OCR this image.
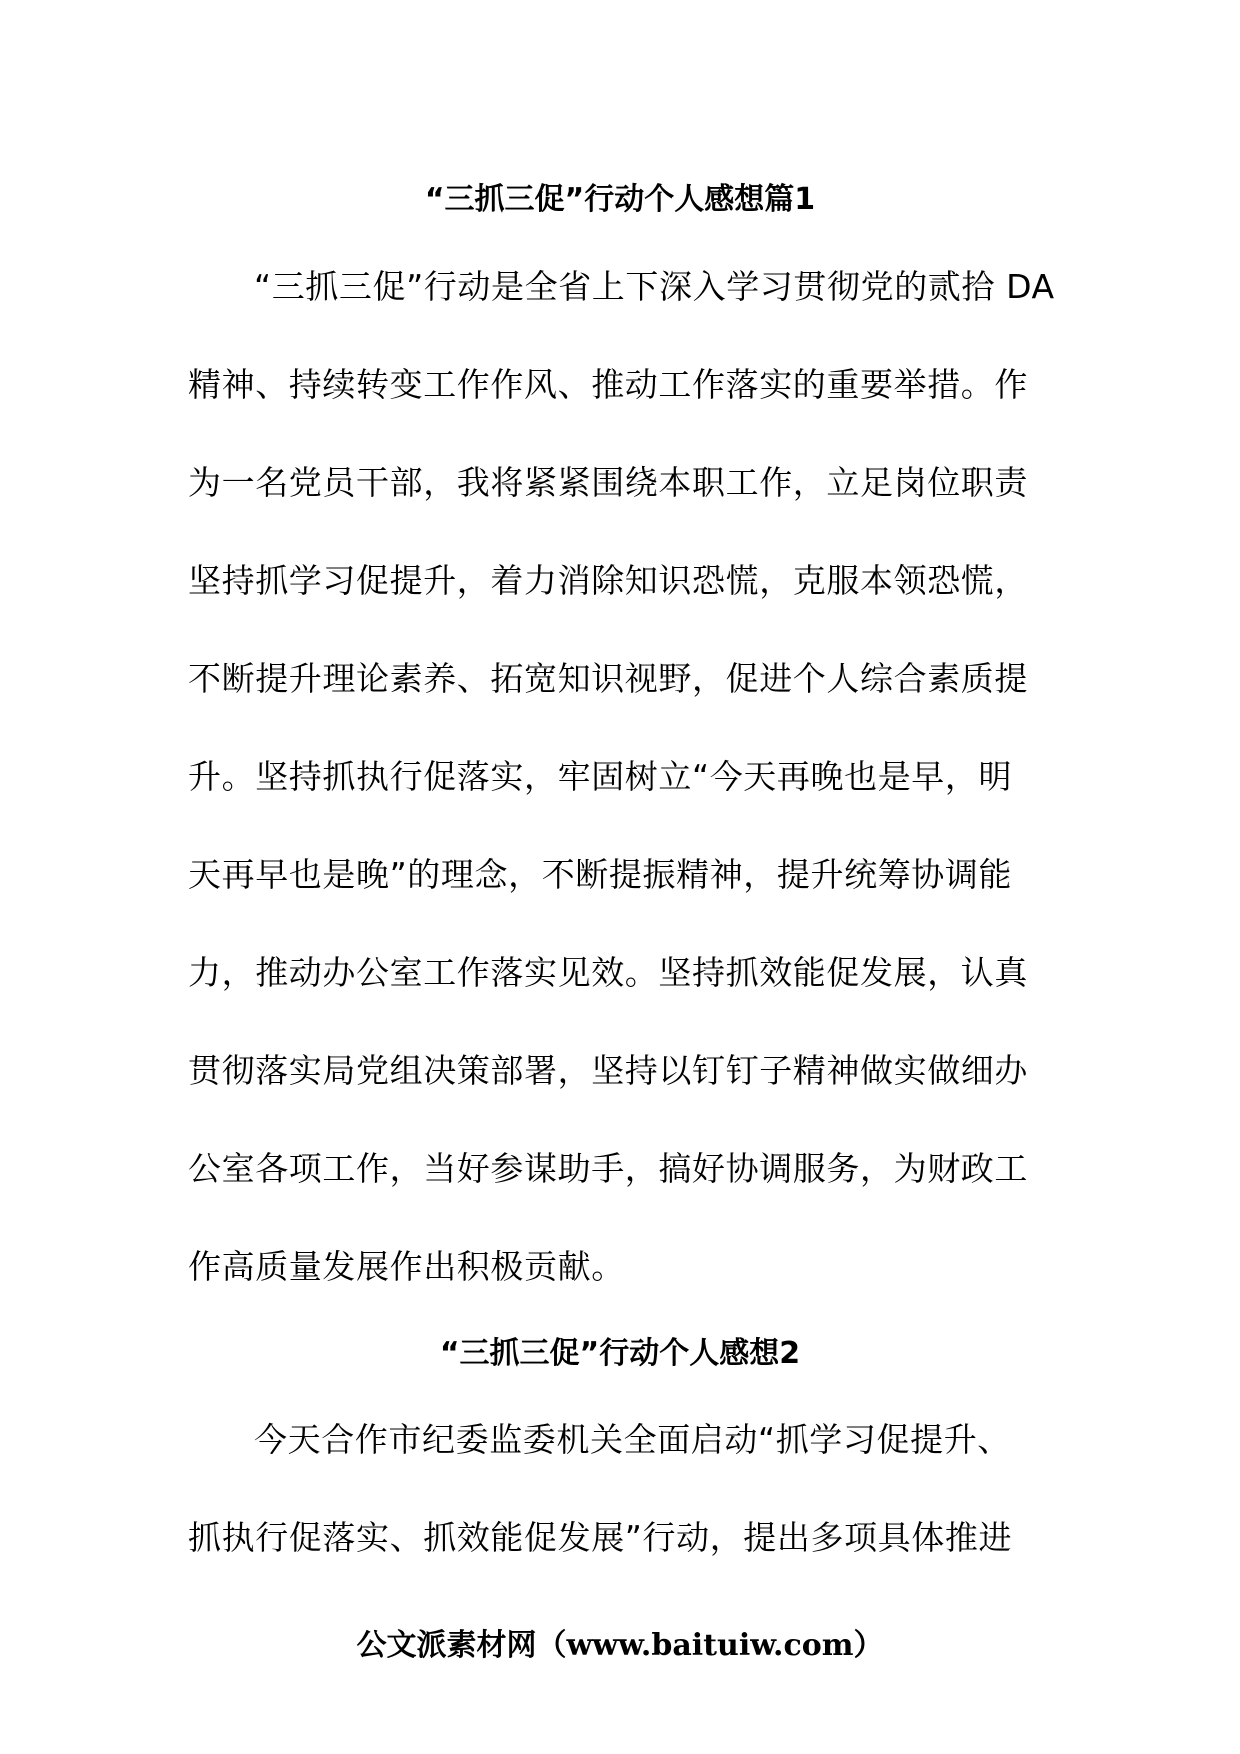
“三抓三促”行动个人感想篇1
“三抓三促”行动是全省上下深入学习贯彻党的贰拾 DA
精神、持续转变工作作风、推动工作落实的重要举措。作
为一名党员干部，我将紧紧围绕本职工作，立足岗位职责
坚持抓学习促提升，着力消除知识恐慌，克服本领恐慌，
不断提升理论素养、拓宽知识视野，促进个人综合素质提
升。坚持抓执行促落实，牢固树立“今天再晚也是早，明
天再早也是晚”的理念，不断提振精神，提升统筹协调能
力，推动办公室工作落实见效。坚持抓效能促发展，认真
贯彻落实局党组决策部署，坚持以钉钉子精神做实做细办
公室各项工作，当好参谋助手，搞好协调服务，为财政工
作高质量发展作出积极贡献。
“三抓三促”行动个人感想2
今天合作市纪委监委机关全面启动“抓学习促提升、
抓执行促落实、抓效能促发展”行动，提出多项具体推进
公文派素材网（www.baituiw.com）
